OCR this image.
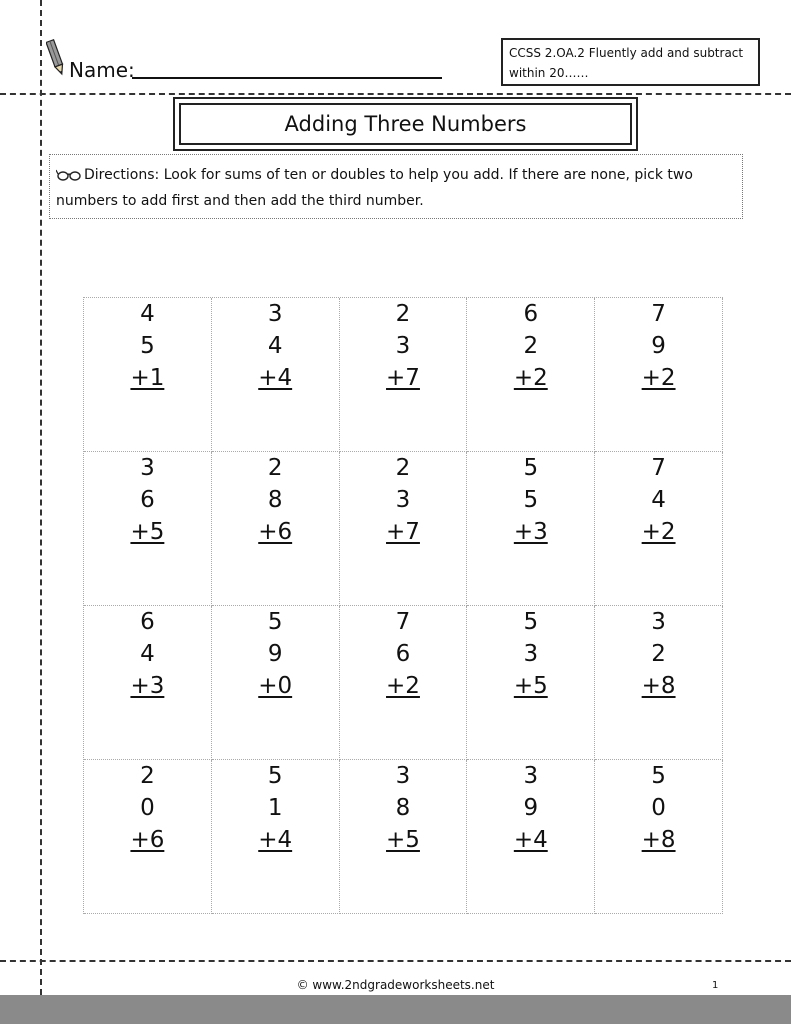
Name:
CCSS 2.OA.2 Fluently add and subtract
within 20……
Adding Three Numbers
Directions: Look for sums of ten or doubles to help you add. If there are none, pick two
numbers to add first and then add the third number.
4
5
+1
3
4
+4
2
3
+7
6
2
+2
7
9
+2
3
6
+5
2
8
+6
2
3
+7
5
5
+3
7
4
+2
6
4
+3
5
9
+0
7
6
+2
5
3
+5
3
2
+8
2
0
+6
5
1
+4
3
8
+5
3
9
+4
5
0
+8
© www.2ndgradeworksheets.net	1
